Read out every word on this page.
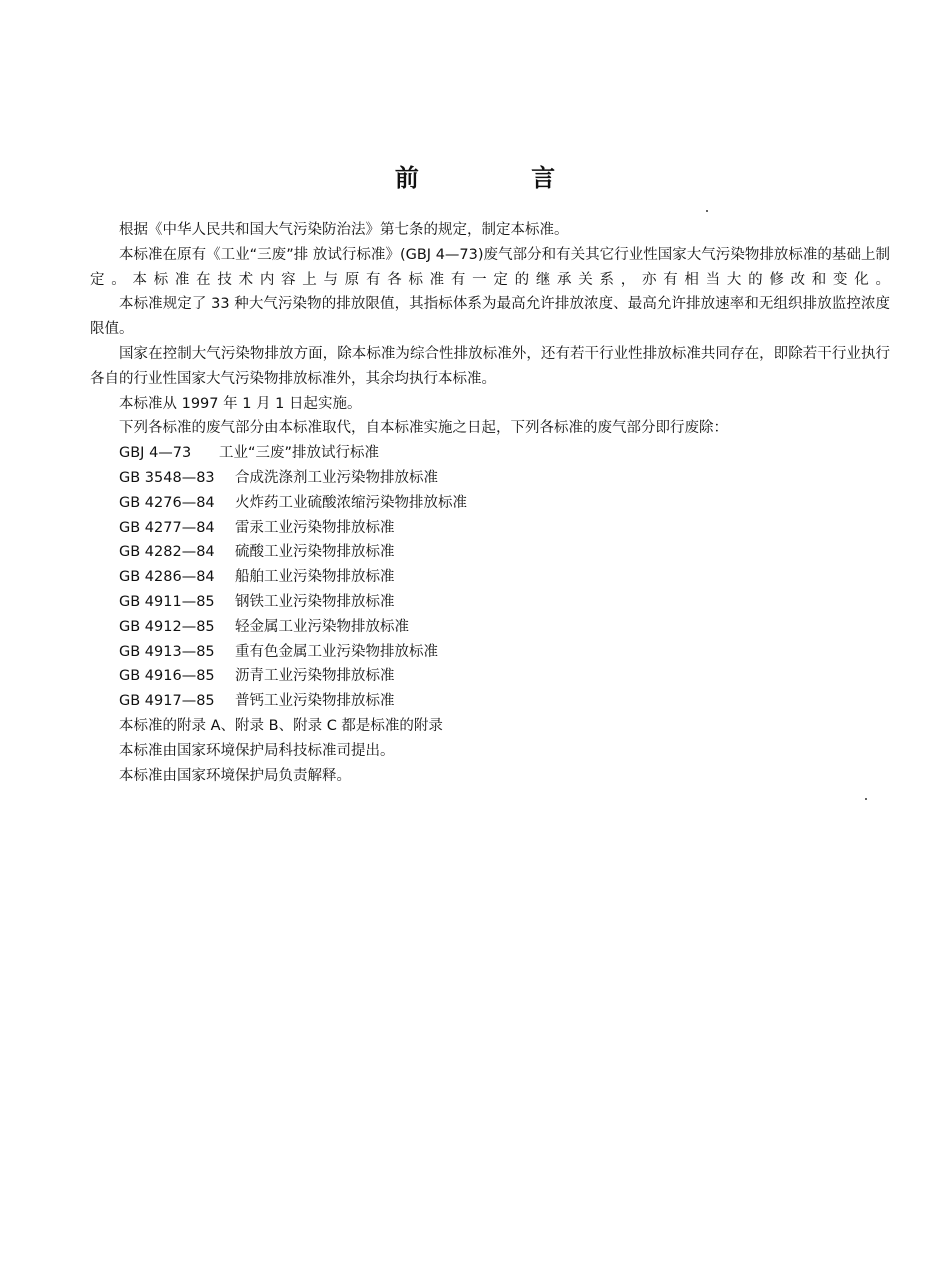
前 言

根据《中华人民共和国大气污染防治法》第七条的规定，制定本标准。

本标准在原有《工业“三废”排 放试行标准》(GBJ 4—73)废气部分和有关其它行业性国家大气污染物排放标准的基础上制定。本标准在技术内容上与原有各标准有一定的继承关系，亦有相当大的修改和变化。

本标准规定了 33 种大气污染物的排放限值，其指标体系为最高允许排放浓度、最高允许排放速率和无组织排放监控浓度限值。

国家在控制大气污染物排放方面，除本标准为综合性排放标准外，还有若干行业性排放标准共同存在，即除若干行业执行各自的行业性国家大气污染物排放标准外，其余均执行本标准。

本标准从 1997 年 1 月 1 日起实施。

下列各标准的废气部分由本标准取代，自本标准实施之日起，下列各标准的废气部分即行废除：

GBJ 4—73 工业“三废”排放试行标准

GB 3548—83 合成洗涤剂工业污染物排放标准

GB 4276—84 火炸药工业硫酸浓缩污染物排放标准

GB 4277—84 雷汞工业污染物排放标准

GB 4282—84 硫酸工业污染物排放标准

GB 4286—84 船舶工业污染物排放标准

GB 4911—85 钢铁工业污染物排放标准

GB 4912—85 轻金属工业污染物排放标准

GB 4913—85 重有色金属工业污染物排放标准

GB 4916—85 沥青工业污染物排放标准

GB 4917—85 普钙工业污染物排放标准

本标准的附录 A、附录 B、附录 C 都是标准的附录

本标准由国家环境保护局科技标准司提出。

本标准由国家环境保护局负责解释。
